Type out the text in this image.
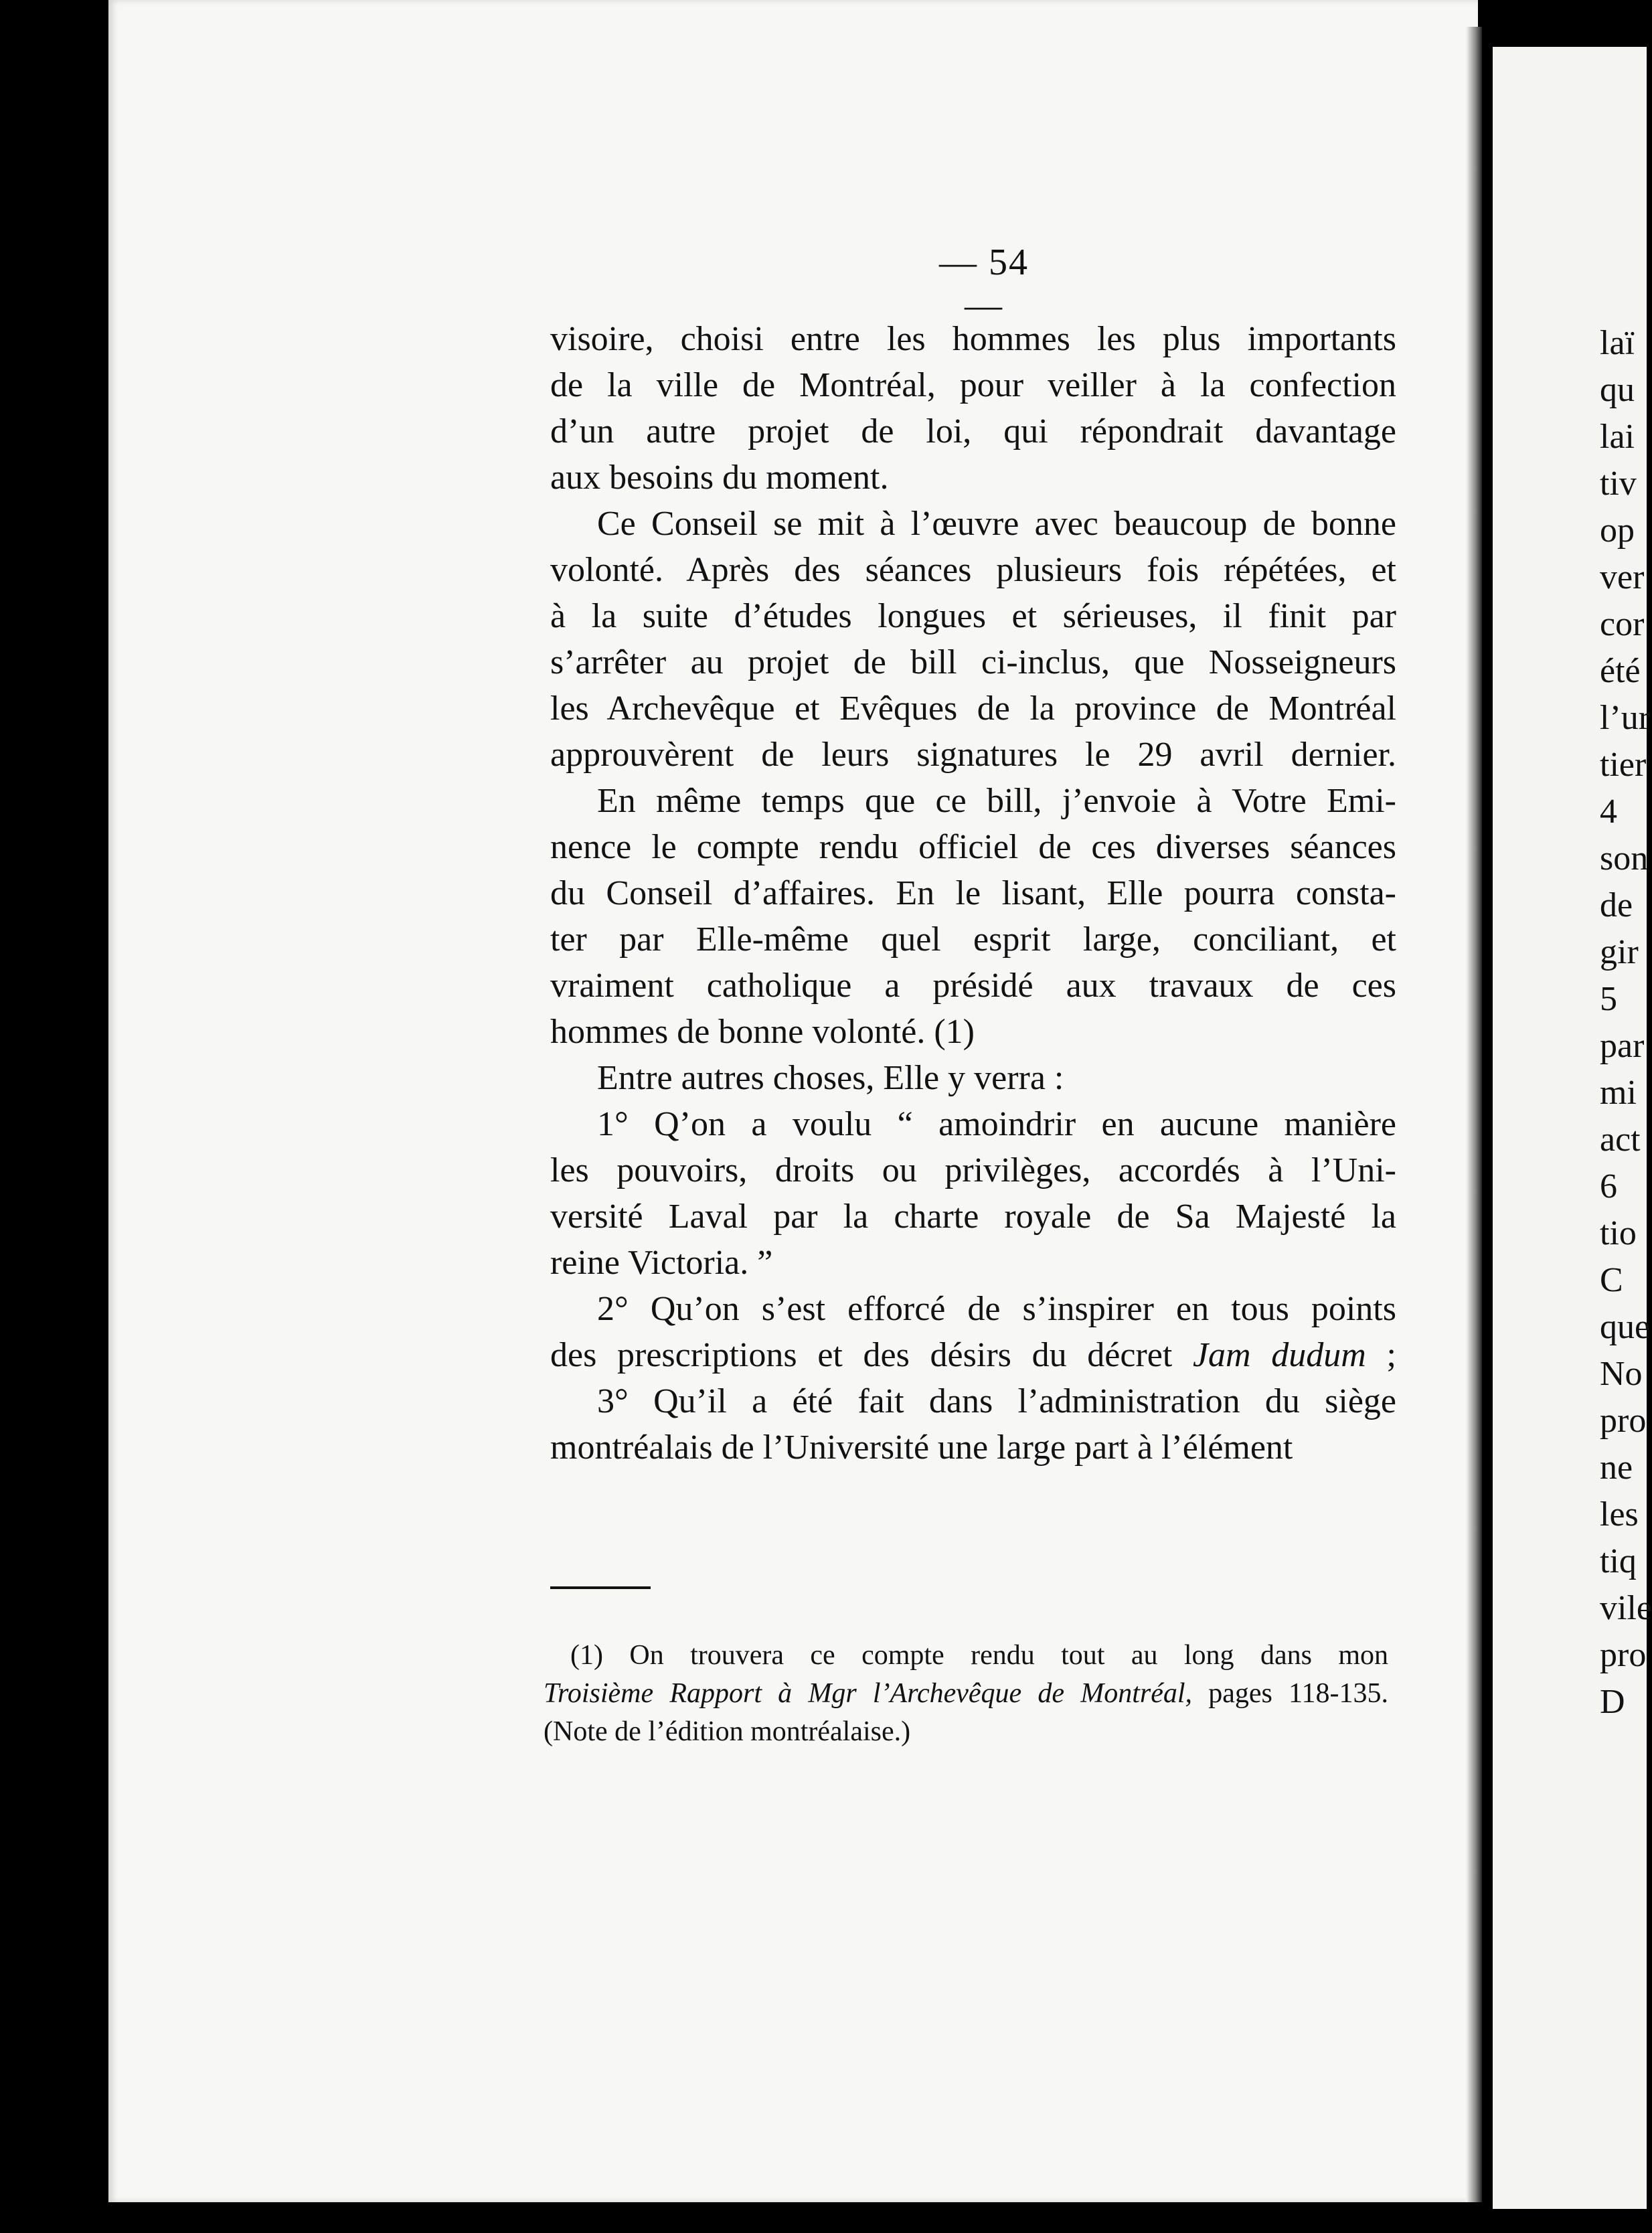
— 54 —

visoire, choisi entre les hommes les plus importants

de la ville de Montréal, pour veiller à la confection

d’un autre projet de loi, qui répondrait davantage

aux besoins du moment.

Ce Conseil se mit à l’œuvre avec beaucoup de bonne

volonté. Après des séances plusieurs fois répétées, et

à la suite d’études longues et sérieuses, il finit par

s’arrêter au projet de bill ci-inclus, que Nosseigneurs

les Archevêque et Evêques de la province de Montréal

approuvèrent de leurs signatures le 29 avril dernier.

En même temps que ce bill, j’envoie à Votre Emi-

nence le compte rendu officiel de ces diverses séances

du Conseil d’affaires. En le lisant, Elle pourra consta-

ter par Elle-même quel esprit large, conciliant, et

vraiment catholique a présidé aux travaux de ces

hommes de bonne volonté. (1)

Entre autres choses, Elle y verra :

1° Q’on a voulu “ amoindrir en aucune manière

les pouvoirs, droits ou privilèges, accordés à l’Uni-

versité Laval par la charte royale de Sa Majesté la

reine Victoria. ”

2° Qu’on s’est efforcé de s’inspirer en tous points

des prescriptions et des désirs du décret Jam dudum ;

3° Qu’il a été fait dans l’administration du siège

montréalais de l’Université une large part à l’élément

(1) On trouvera ce compte rendu tout au long dans mon

Troisième Rapport à Mgr l’Archevêque de Montréal, pages 118-135.

(Note de l’édition montréalaise.)

laï
qu
lai
tiv
op
ver
cor
été
l’ur
tier
4
son
de
gir
5
par
mi
act
6
tio
C
que
No
pro
ne
les
tiq
vile
pro
D
